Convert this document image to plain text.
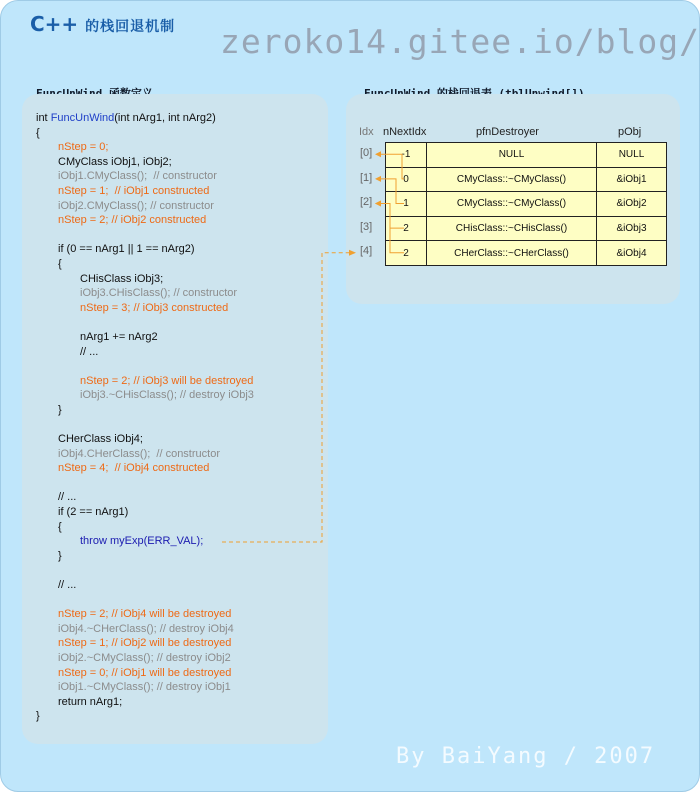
C++ 的栈回退机制 zeroko14.gitee.io/blog/
int FuncUnWind(int nArg1, int nArg2)
{
nStep = 0;
CMyClass iObj1, iObj2;
iObj1.CMyClass();  // constructor
nStep = 1;  // iObj1 constructed
iObj2.CMyClass(); // constructor
nStep = 2; // iObj2 constructed
if (0 == nArg1 || 1 == nArg2)
{
CHisClass iObj3;
iObj3.CHisClass(); // constructor
nStep = 3; // iObj3 constructed
nArg1 += nArg2
// ...
nStep = 2; // iObj3 will be destroyed
iObj3.~CHisClass(); // destroy iObj3
}
CHerClass iObj4;
iObj4.CHerClass();  // constructor
nStep = 4;  // iObj4 constructed
// ...
if (2 == nArg1)
{
throw myExp(ERR_VAL);
}
// ...
nStep = 2; // iObj4 will be destroyed
iObj4.~CHerClass(); // destroy iObj4
nStep = 1; // iObj2 will be destroyed
iObj2.~CMyClass(); // destroy iObj2
nStep = 0; // iObj1 will be destroyed
iObj1.~CMyClass(); // destroy iObj1
return nArg1;
}
Idx nNextIdx	pfnDestroyer	pObj
[0]	-1	NULL	NULL
[1]	0	CMyClass::~CMyClass()	&iObj1
[2]	1	CMyClass::~CMyClass()	&iObj2
[3]	2	CHisClass::~CHisClass()	&iObj3
[4]	2	CHerClass::~CHerClass()	&iObj4
By BaiYang / 2007
